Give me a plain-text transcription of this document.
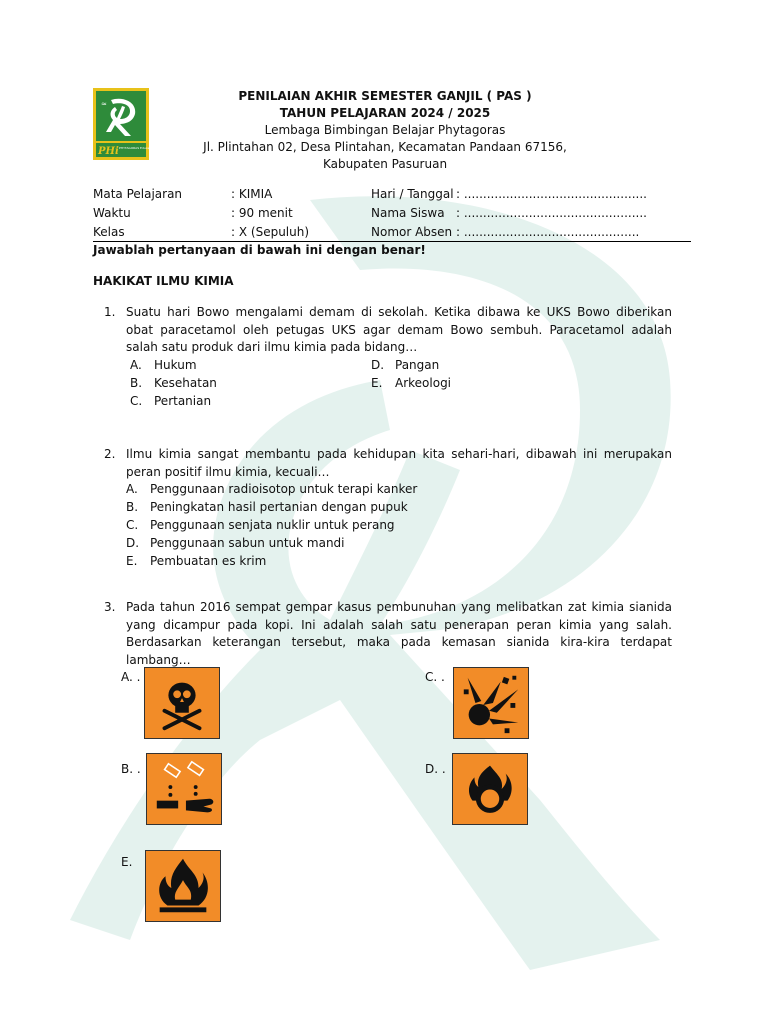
≈
PHi PHYTAGORAS Education Center
PENILAIAN AKHIR SEMESTER GANJIL ( PAS )
TAHUN PELAJARAN 2024 / 2025
Lembaga Bimbingan Belajar Phytagoras
Jl. Plintahan 02, Desa Plintahan, Kecamatan Pandaan 67156,
Kabupaten Pasuruan
Mata Pelajaran	: KIMIA	Hari / Tanggal : ................................................
Waktu	: 90 menit	Nama Siswa : ................................................
Kelas	: X (Sepuluh)	Nomor Absen : ..............................................
Jawablah pertanyaan di bawah ini dengan benar!
HAKIKAT ILMU KIMIA
1. Suatu hari Bowo mengalami demam di sekolah. Ketika dibawa ke UKS Bowo diberikan obat paracetamol oleh petugas UKS agar demam Bowo sembuh. Paracetamol adalah salah satu produk dari ilmu kimia pada bidang…
A. Hukum
B. Kesehatan
C. Pertanian
D. Pangan
E. Arkeologi
2. Ilmu kimia sangat membantu pada kehidupan kita sehari-hari, dibawah ini merupakan peran positif ilmu kimia, kecuali…
A. Penggunaan radioisotop untuk terapi kanker
B. Peningkatan hasil pertanian dengan pupuk
C. Penggunaan senjata nuklir untuk perang
D. Penggunaan sabun untuk mandi
E. Pembuatan es krim
3. Pada tahun 2016 sempat gempar kasus pembunuhan yang melibatkan zat kimia sianida yang dicampur pada kopi. Ini adalah salah satu penerapan peran kimia yang salah. Berdasarkan keterangan tersebut, maka pada kemasan sianida kira-kira terdapat lambang…
A. .	C. .
B. .	D. .
E.
